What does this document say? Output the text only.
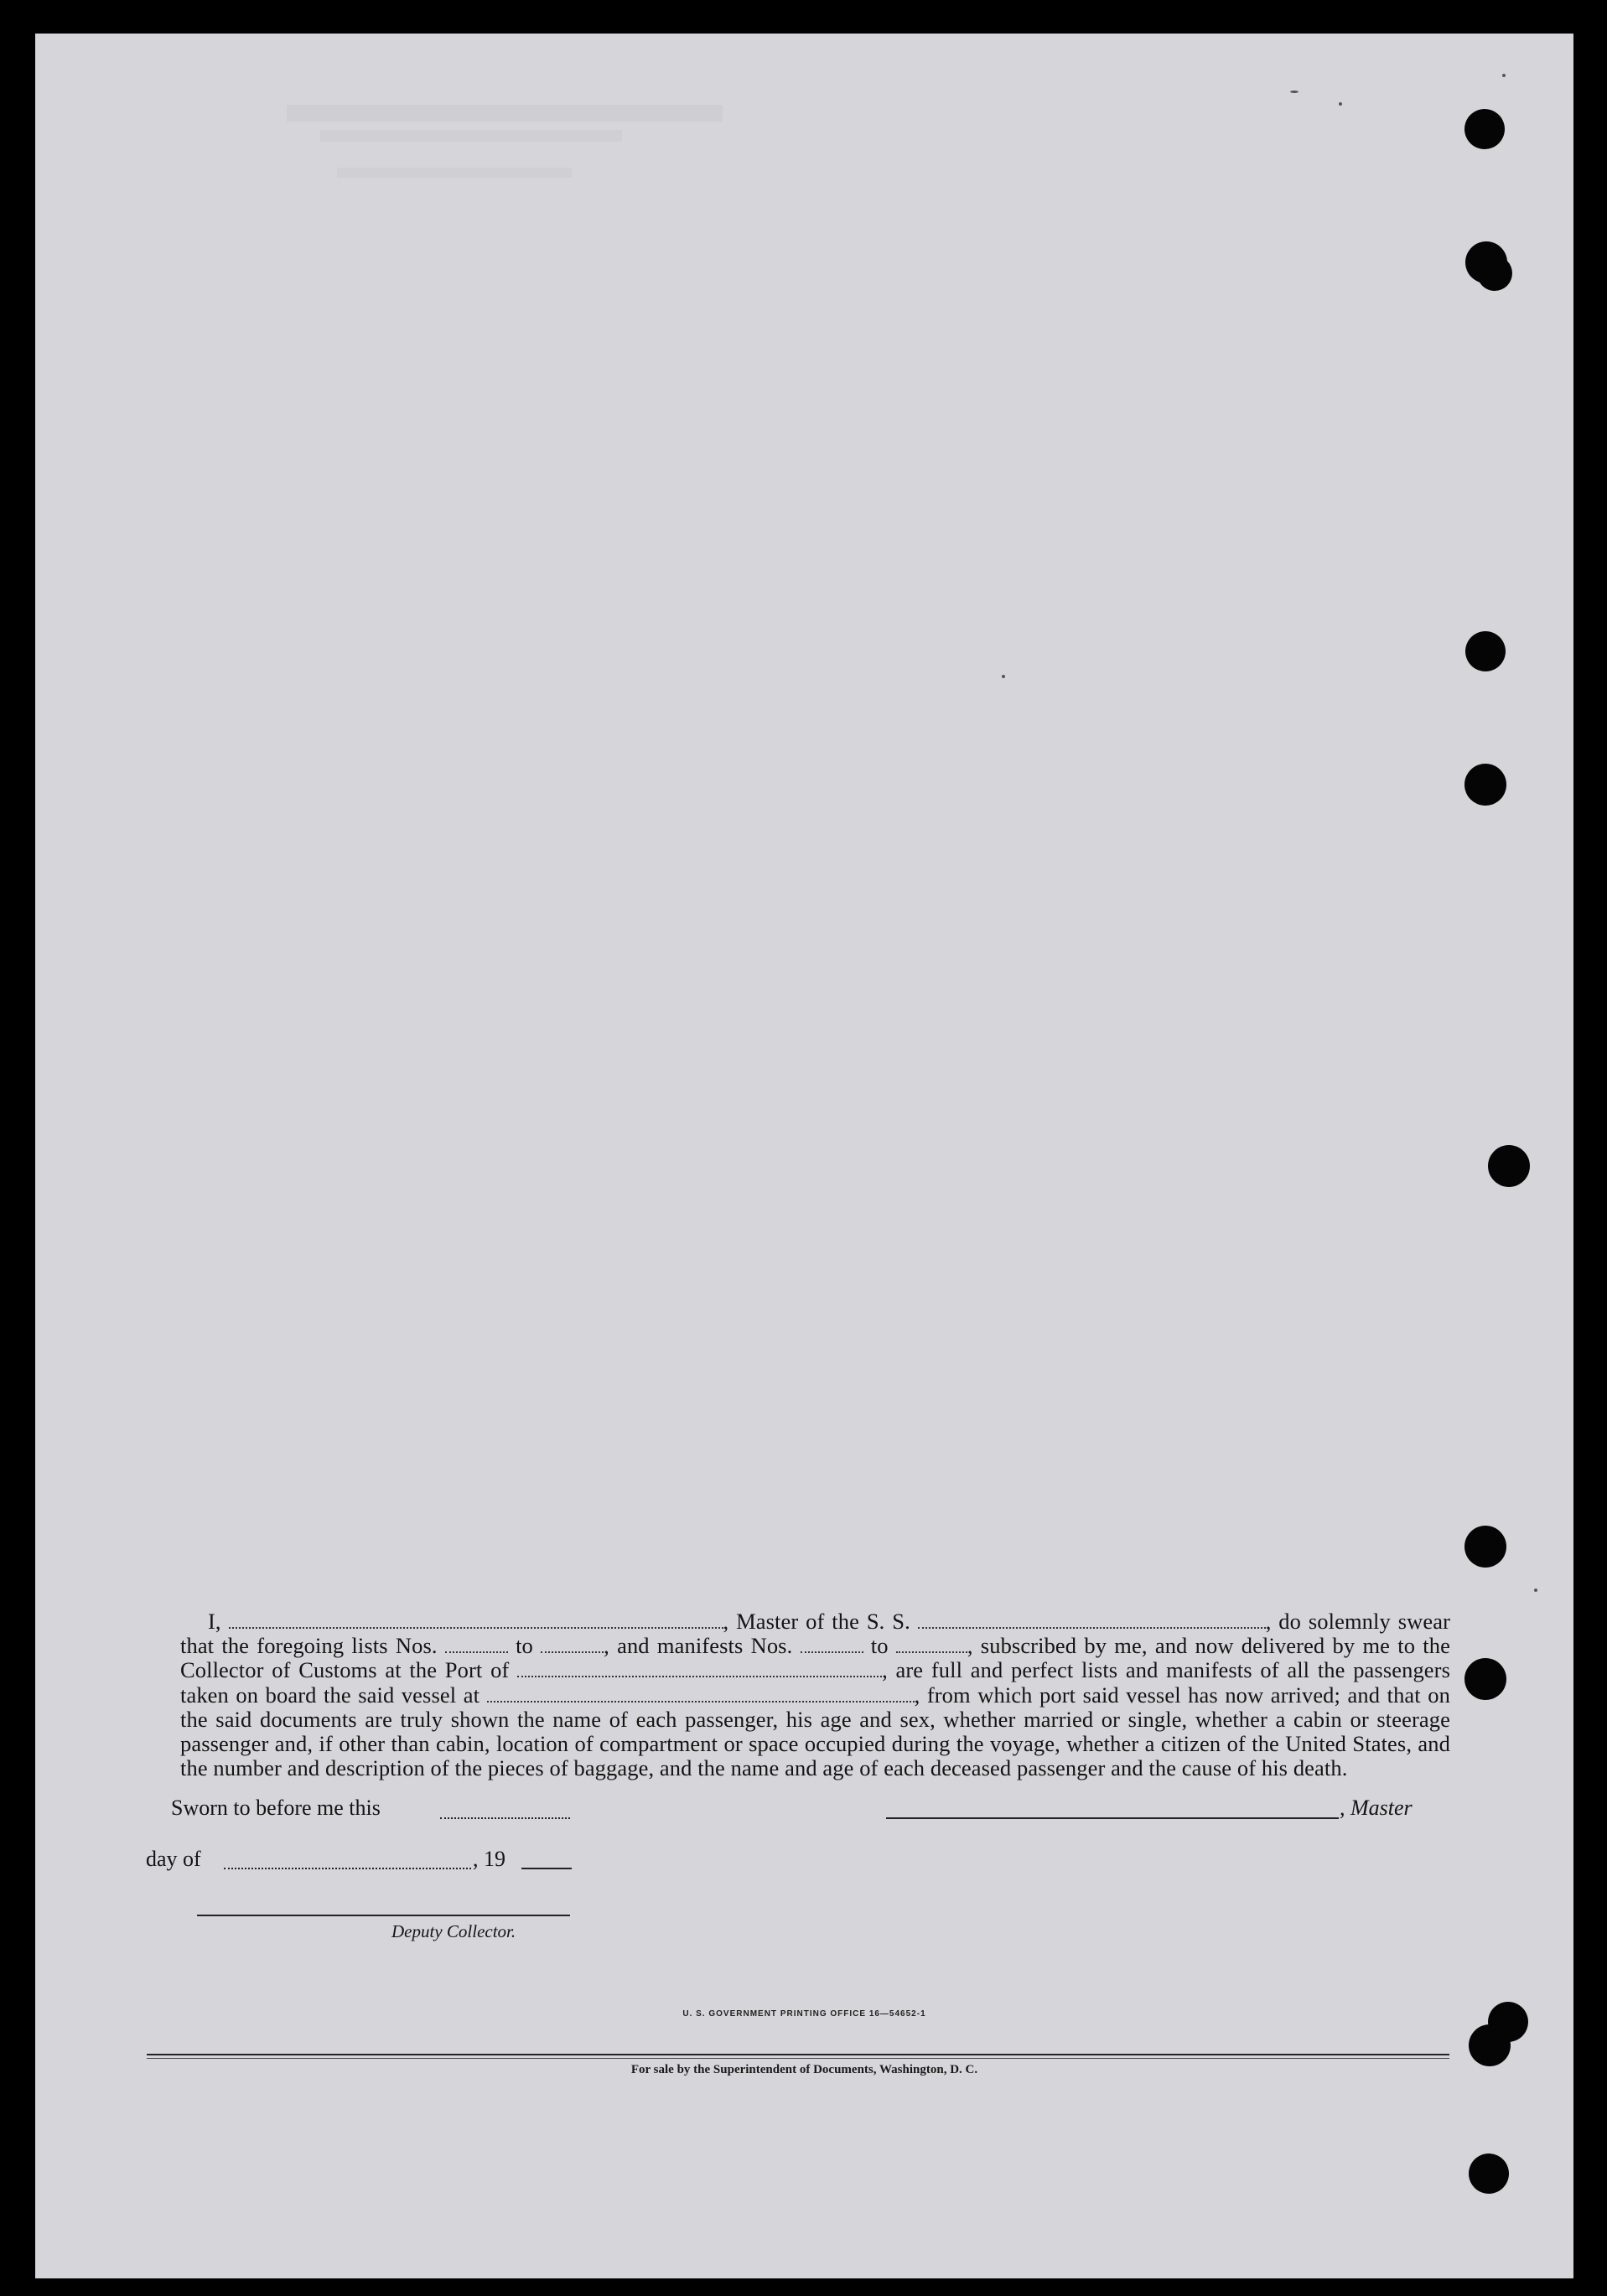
I,	, Master of the S. S.	, do solemnly swear that the foregoing lists Nos.	to	, and manifests Nos.	to	, subscribed by me, and now delivered by me to the Collector of Customs at the Port of	, are full and perfect lists and manifests of all the passengers taken on board the said vessel at	, from which port said vessel has now arrived; and that on the said documents are truly shown the name of each passenger, his age and sex, whether married or single, whether a cabin or steerage passenger and, if other than cabin, location of compartment or space occupied during the voyage, whether a citizen of the United States, and the number and description of the pieces of baggage, and the name and age of each deceased passenger and the cause of his death.
Sworn to before me this	, Master
day of	, 19
Deputy Collector.
U. S. GOVERNMENT PRINTING OFFICE 16—54652-1
For sale by the Superintendent of Documents, Washington, D. C.
